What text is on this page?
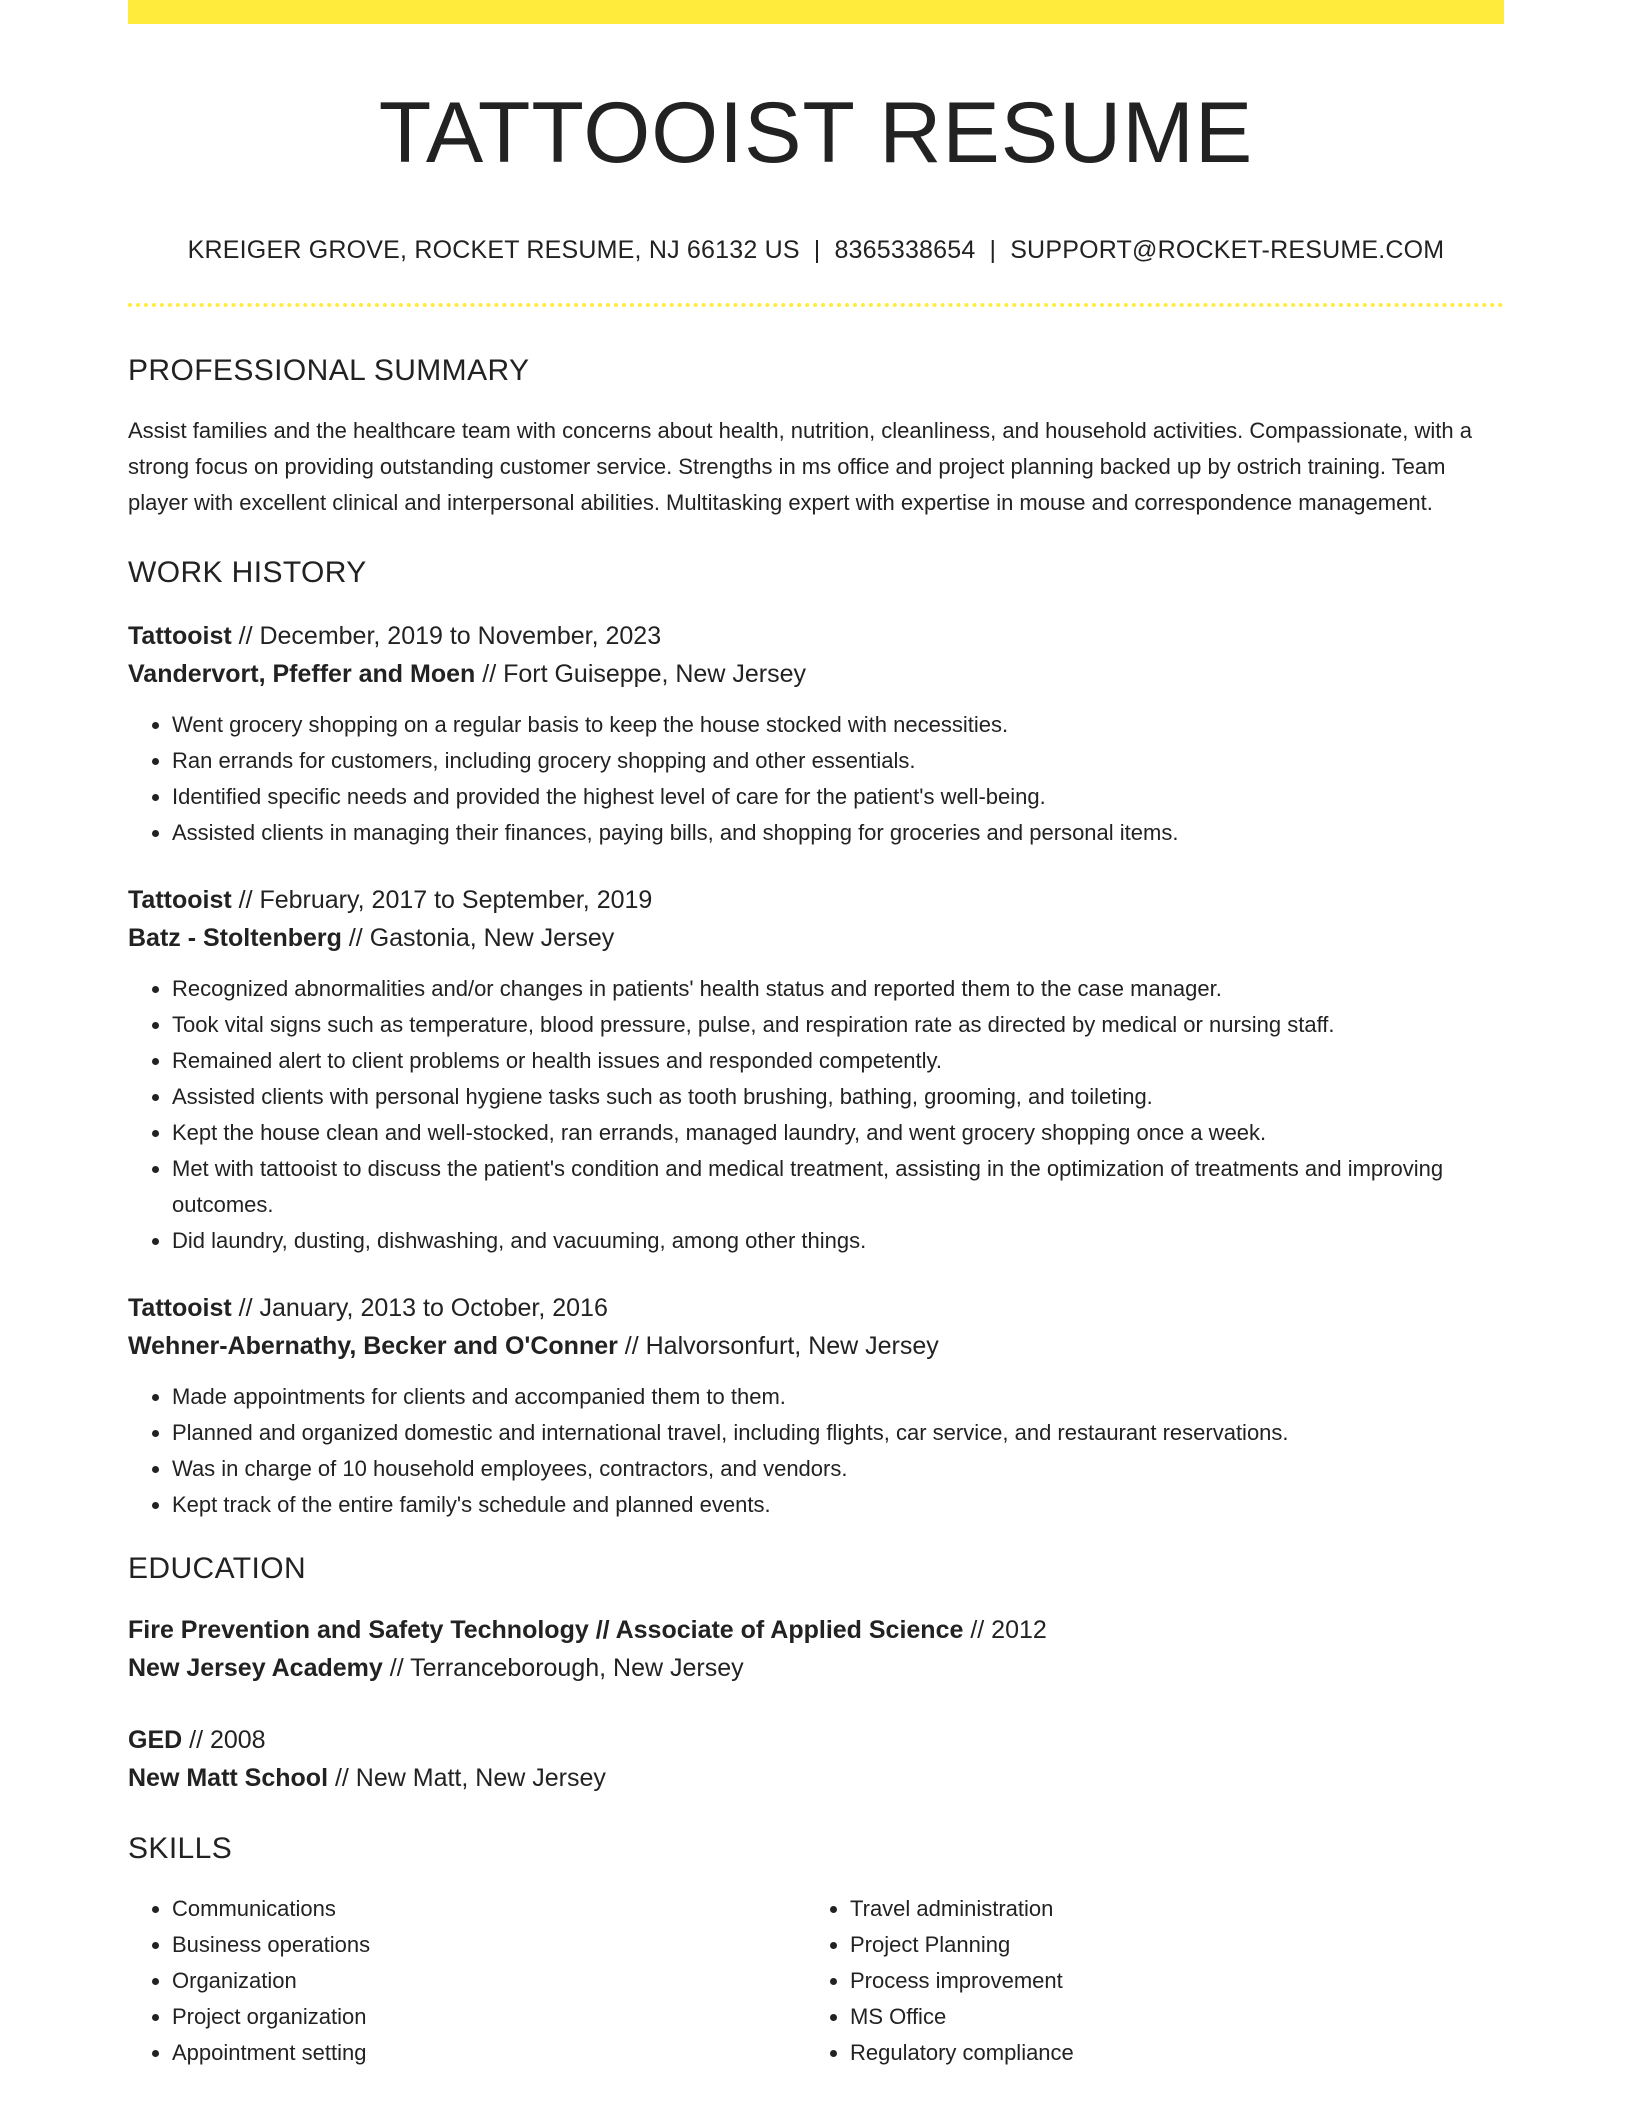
TATTOOIST RESUME
KREIGER GROVE, ROCKET RESUME, NJ 66132 US | 8365338654 | SUPPORT@ROCKET-RESUME.COM
PROFESSIONAL SUMMARY
Assist families and the healthcare team with concerns about health, nutrition, cleanliness, and household activities. Compassionate, with a strong focus on providing outstanding customer service. Strengths in ms office and project planning backed up by ostrich training. Team player with excellent clinical and interpersonal abilities. Multitasking expert with expertise in mouse and correspondence management.
WORK HISTORY
Tattooist // December, 2019 to November, 2023
Vandervort, Pfeffer and Moen // Fort Guiseppe, New Jersey
• Went grocery shopping on a regular basis to keep the house stocked with necessities.
• Ran errands for customers, including grocery shopping and other essentials.
• Identified specific needs and provided the highest level of care for the patient's well-being.
• Assisted clients in managing their finances, paying bills, and shopping for groceries and personal items.
Tattooist // February, 2017 to September, 2019
Batz - Stoltenberg // Gastonia, New Jersey
• Recognized abnormalities and/or changes in patients' health status and reported them to the case manager.
• Took vital signs such as temperature, blood pressure, pulse, and respiration rate as directed by medical or nursing staff.
• Remained alert to client problems or health issues and responded competently.
• Assisted clients with personal hygiene tasks such as tooth brushing, bathing, grooming, and toileting.
• Kept the house clean and well-stocked, ran errands, managed laundry, and went grocery shopping once a week.
• Met with tattooist to discuss the patient's condition and medical treatment, assisting in the optimization of treatments and improving outcomes.
• Did laundry, dusting, dishwashing, and vacuuming, among other things.
Tattooist // January, 2013 to October, 2016
Wehner-Abernathy, Becker and O'Conner // Halvorsonfurt, New Jersey
• Made appointments for clients and accompanied them to them.
• Planned and organized domestic and international travel, including flights, car service, and restaurant reservations.
• Was in charge of 10 household employees, contractors, and vendors.
• Kept track of the entire family's schedule and planned events.
EDUCATION
Fire Prevention and Safety Technology // Associate of Applied Science // 2012
New Jersey Academy // Terranceborough, New Jersey
GED // 2008
New Matt School // New Matt, New Jersey
SKILLS
• Communications
• Business operations
• Organization
• Project organization
• Appointment setting
• Travel administration
• Project Planning
• Process improvement
• MS Office
• Regulatory compliance
